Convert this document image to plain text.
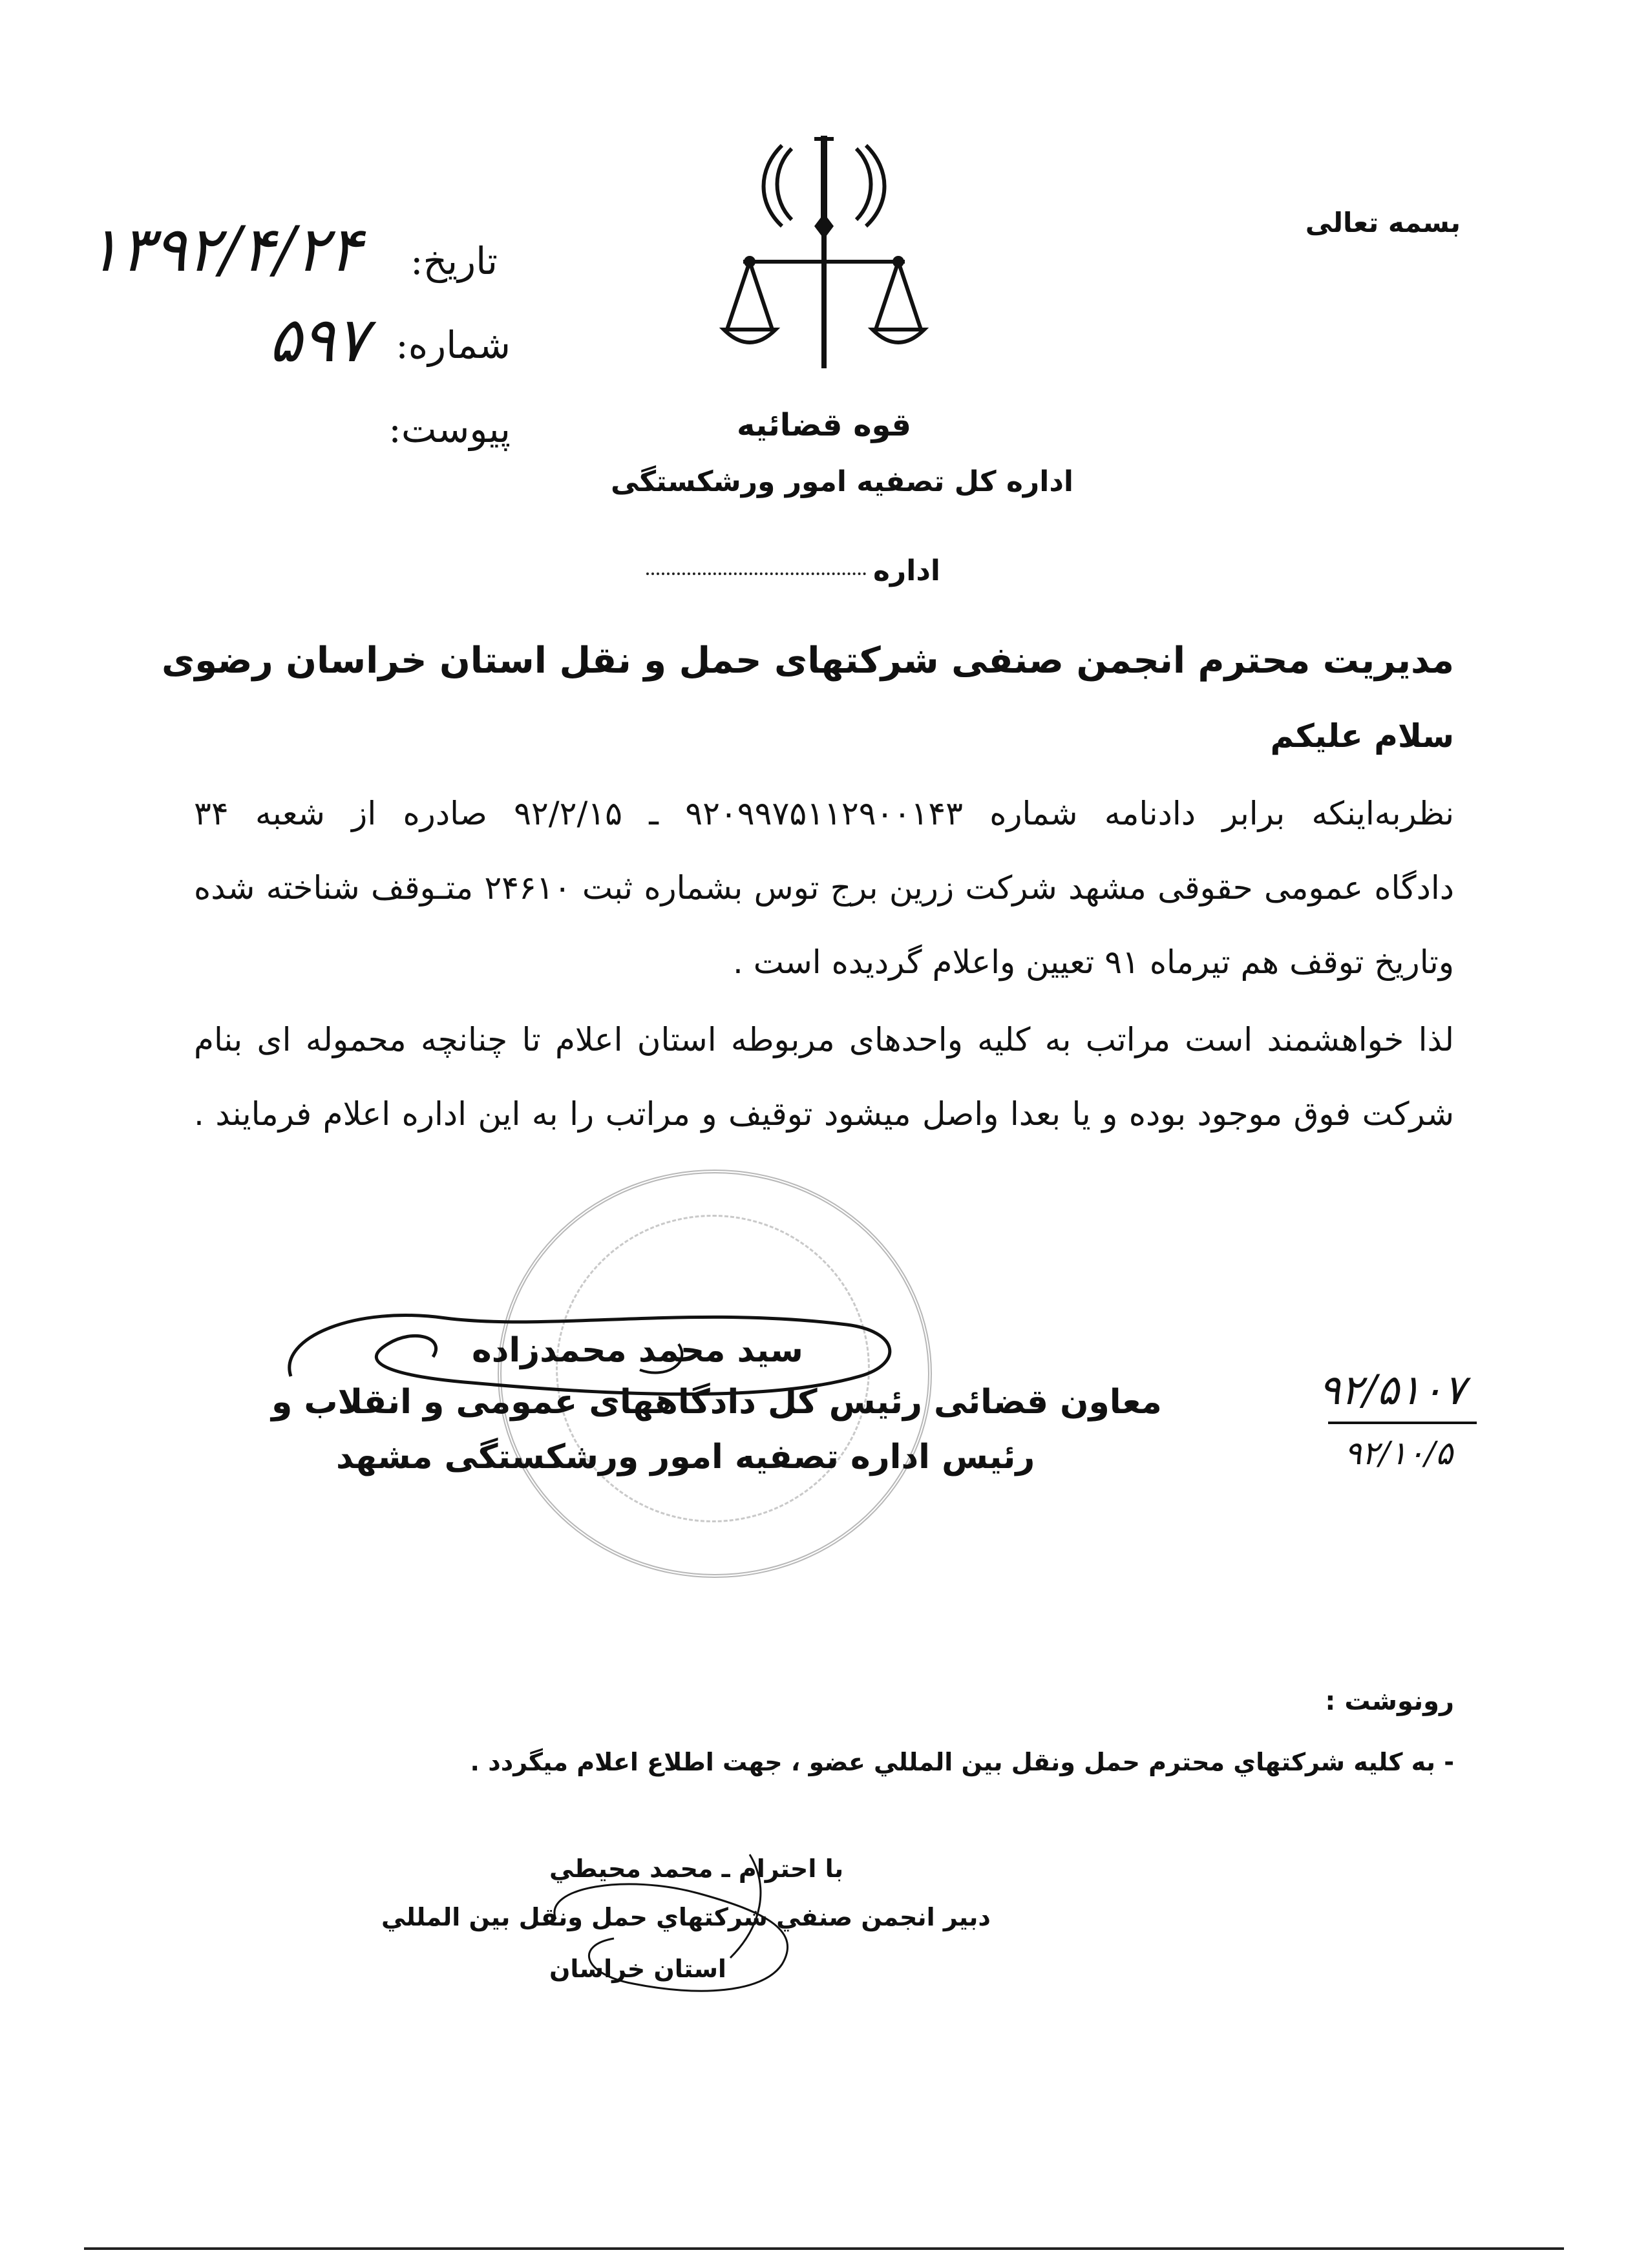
بسمه تعالی
تاریخ:
۱۳۹۲/۴/۲۴
شماره:
۵۹۷
پیوست:	قوه قضائیه
اداره کل تصفیه امور ورشکستگی
اداره
مدیریت محترم انجمن صنفی شرکتهای حمل و نقل استان خراسان رضوی
سلام علیکم
نظربه‌اینکه برابر دادنامه شماره ۹۲۰۹۹۷۵۱۱۲۹۰۰۱۴۳ ـ ۹۲/۲/۱۵ صادره از شعبه ۳۴
دادگاه عمومی حقوقی مشهد شرکت زرین برج توس بشماره ثبت ۲۴۶۱۰ متـوقف شناخته شده
وتاریخ توقف هم تیرماه ۹۱ تعیین واعلام گردیده است .
لذا خواهشمند است مراتب به کلیه واحدهای مربوطه استان اعلام تا چنانچه محموله ای بنام
شرکت فوق موجود بوده و یا بعدا واصل میشود توقیف و مراتب را به این اداره اعلام فرمایند .
سید محمد محمدزاده
معاون قضائی رئیس کل دادگاههای عمومی و انقلاب و
رئیس اداره تصفیه امور ورشکستگی مشهد
۹۲/۵۱۰۷
۹۲/۱۰/۵
رونوشت :
- به كليه شركتهاي محترم حمل ونقل بين المللي عضو ، جهت اطلاع اعلام ميگردد .
با احترام ـ محمد محيطي
دبير انجمن صنفي شركتهاي حمل ونقل بين المللي
استان خراسان
